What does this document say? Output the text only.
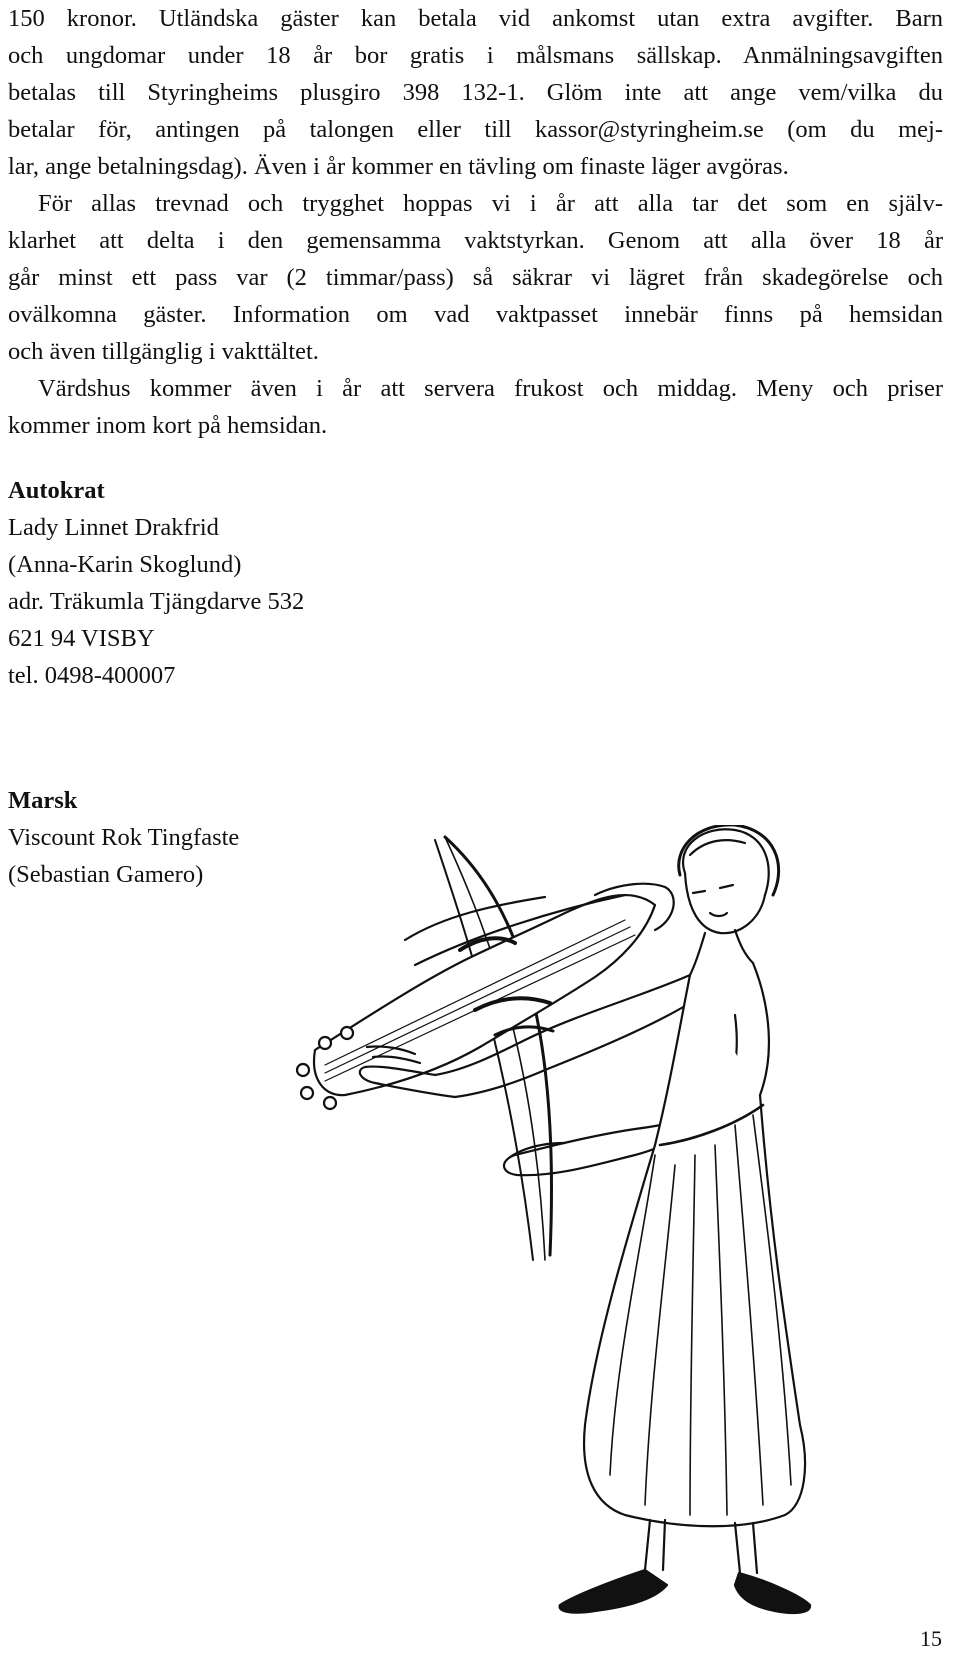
150 kronor. Utländska gäster kan betala vid ankomst utan extra avgifter. Barn
och ungdomar under 18 år bor gratis i målsmans sällskap. Anmälningsavgiften
betalas till Styringheims plusgiro 398 132-1. Glöm inte att ange vem/vilka du
betalar för, antingen på talongen eller till kassor@styringheim.se (om du mej-
lar, ange betalningsdag). Även i år kommer en tävling om finaste läger avgöras.
För allas trevnad och trygghet hoppas vi i år att alla tar det som en själv-
klarhet att delta i den gemensamma vaktstyrkan. Genom att alla över 18 år
går minst ett pass var (2 timmar/pass) så säkrar vi lägret från skadegörelse och
ovälkomna gäster. Information om vad vaktpasset innebär finns på hemsidan
och även tillgänglig i vakttältet.
Värdshus kommer även i år att servera frukost och middag. Meny och priser
kommer inom kort på hemsidan.
Autokrat
Lady Linnet Drakfrid
(Anna-Karin Skoglund)
adr. Träkumla Tjängdarve 532
621 94 VISBY
tel. 0498-400007
Marsk
Viscount Rok Tingfaste
(Sebastian Gamero)
15
